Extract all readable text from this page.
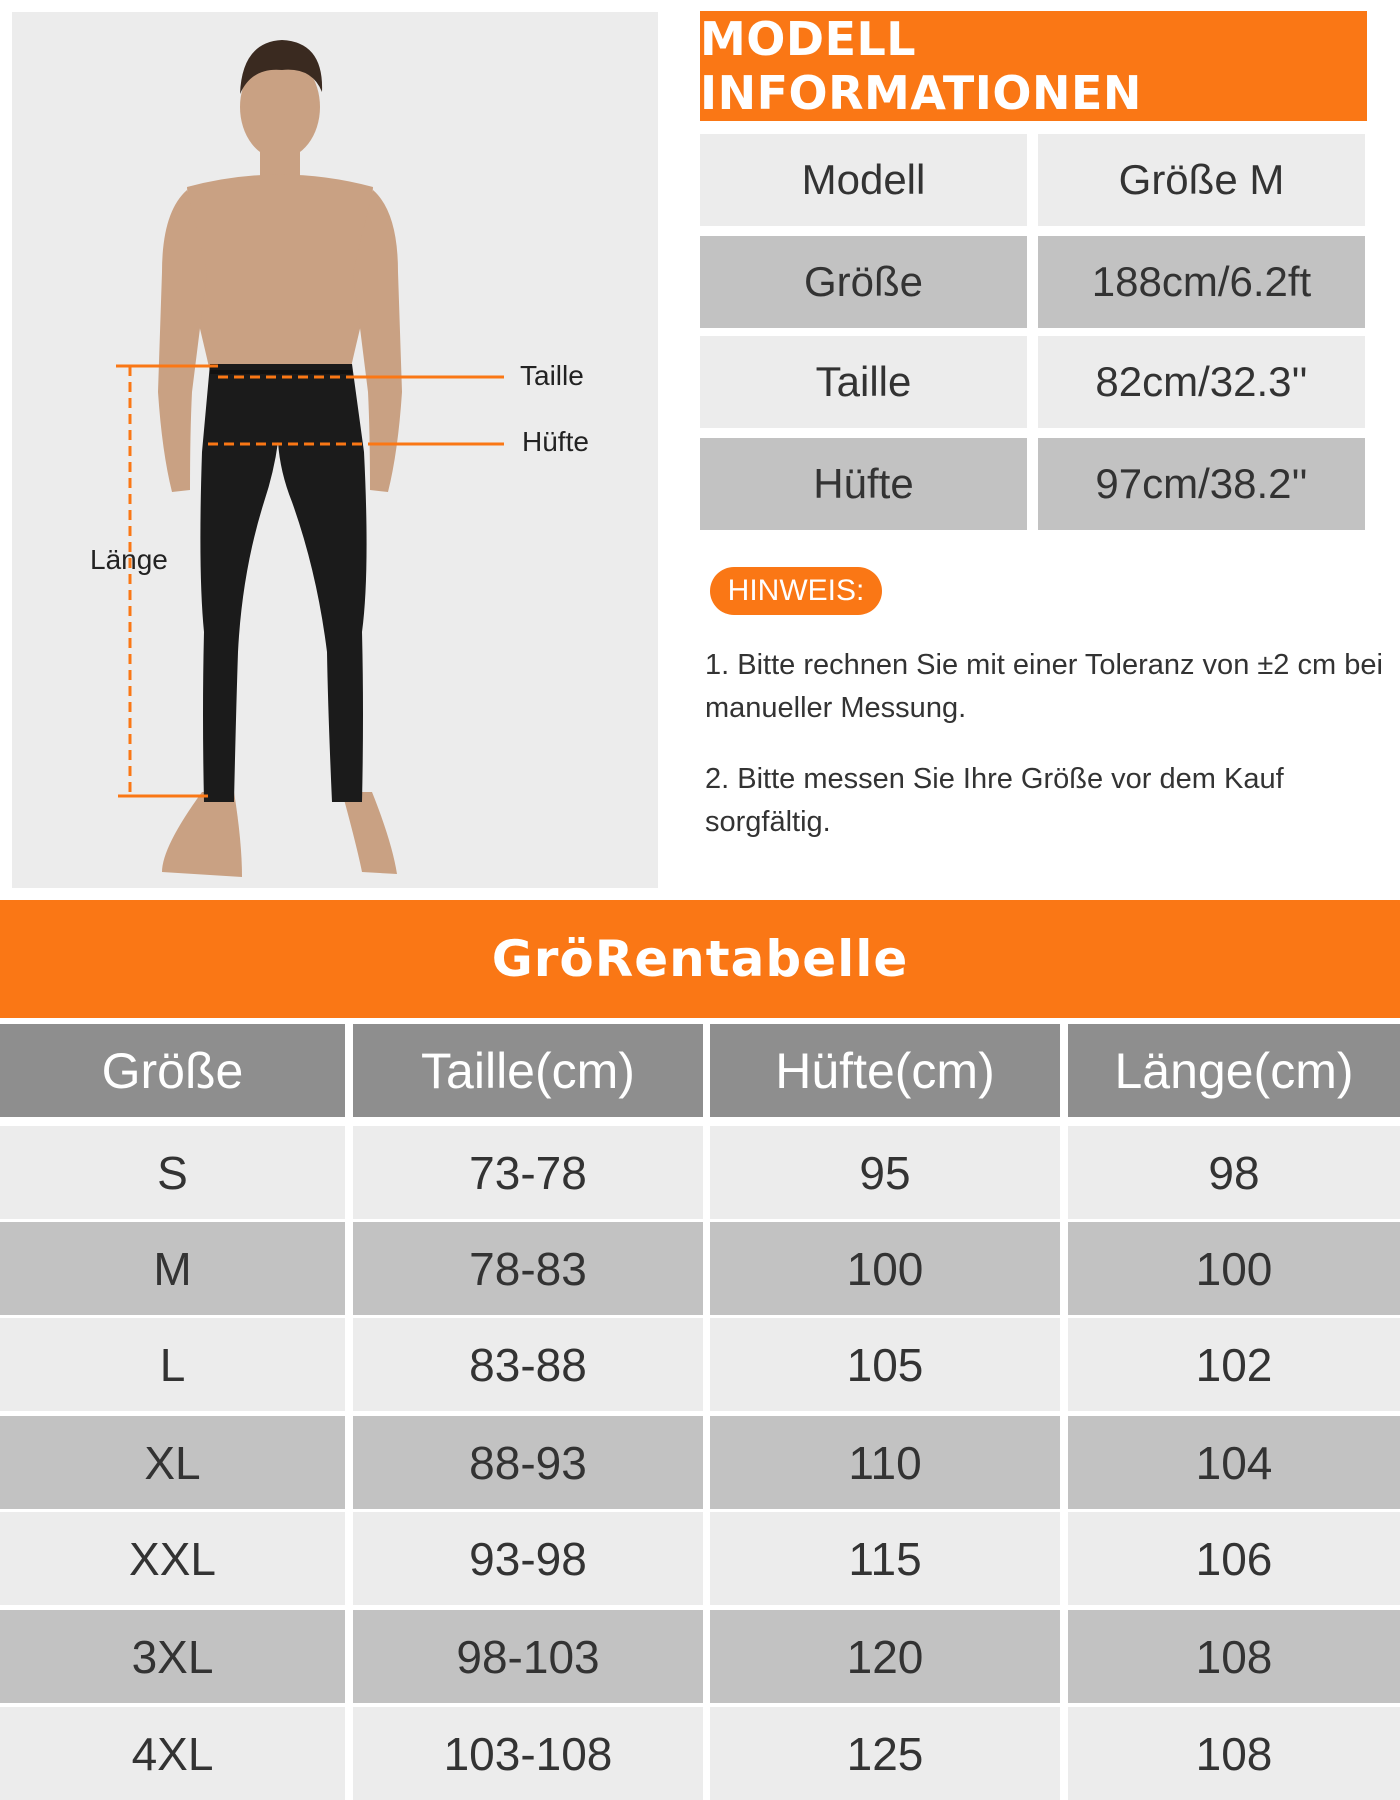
Taille
Hüfte
Länge
MODELL INFORMATIONEN
Modell	Größe M
Größe	188cm/6.2ft
Taille	82cm/32.3''
Hüfte	97cm/38.2''
HINWEIS:
1. Bitte rechnen Sie mit einer Toleranz von ±2 cm bei manueller Messung.
2. Bitte messen Sie Ihre Größe vor dem Kauf sorgfältig.
GröRentabelle
Größe	Taille(cm)	Hüfte(cm)	Länge(cm)
S	73-78	95	98
M	78-83	100	100
L	83-88	105	102
XL	88-93	110	104
XXL	93-98	115	106
3XL	98-103	120	108
4XL	103-108	125	108
